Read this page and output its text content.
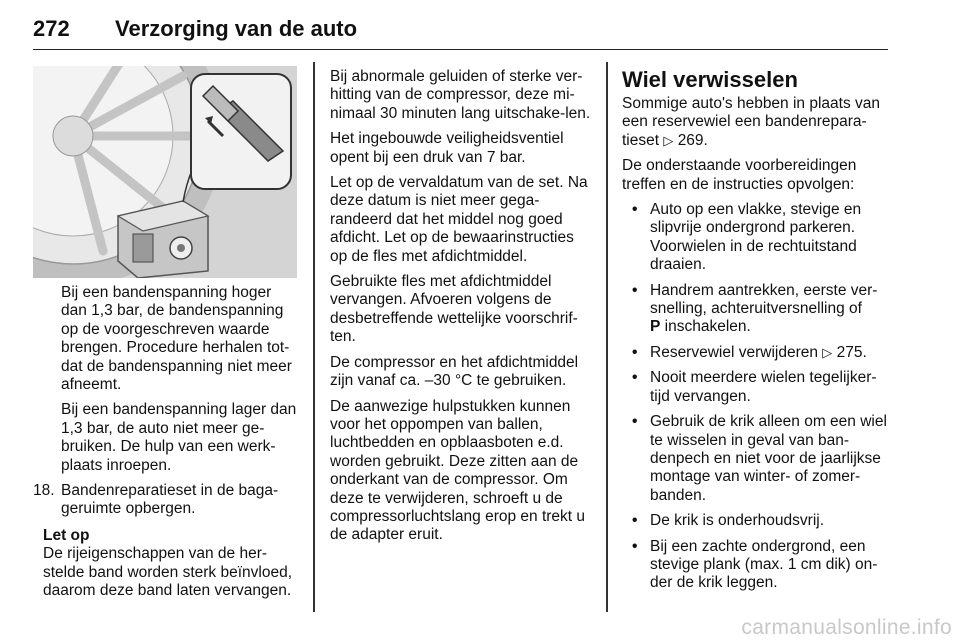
272 Verzorging van de auto
Bij een bandenspanning hoger dan 1,3 bar, de bandenspanning op de voorgeschreven waarde brengen. Procedure herhalen tot-dat de bandenspanning niet meer afneemt.
Bij een bandenspanning lager dan 1,3 bar, de auto niet meer ge-bruiken. De hulp van een werk-plaats inroepen.
18. Bandenreparatieset in de baga-geruimte opbergen.
Let op
De rijeigenschappen van de her-stelde band worden sterk beïnvloed, daarom deze band laten vervangen.
Bij abnormale geluiden of sterke ver-hitting van de compressor, deze mi-nimaal 30 minuten lang uitschake-len.
Het ingebouwde veiligheidsventiel opent bij een druk van 7 bar.
Let op de vervaldatum van de set. Na deze datum is niet meer gega-randeerd dat het middel nog goed afdicht. Let op de bewaarinstructies op de fles met afdichtmiddel.
Gebruikte fles met afdichtmiddel vervangen. Afvoeren volgens de desbetreffende wettelijke voorschrif-ten.
De compressor en het afdichtmiddel zijn vanaf ca. –30 °C te gebruiken.
De aanwezige hulpstukken kunnen voor het oppompen van ballen, luchtbedden en opblaasboten e.d. worden gebruikt. Deze zitten aan de onderkant van de compressor. Om deze te verwijderen, schroeft u de compressorluchtslang erop en trekt u de adapter eruit.
Wiel verwisselen
Sommige auto's hebben in plaats van een reservewiel een bandenrepara-tieset ▷ 269.
De onderstaande voorbereidingen treffen en de instructies opvolgen:
• Auto op een vlakke, stevige en slipvrije ondergrond parkeren. Voorwielen in de rechtuitstand draaien.
• Handrem aantrekken, eerste ver-snelling, achteruitversnelling of
P inschakelen.
• Reservewiel verwijderen ▷ 275.
• Nooit meerdere wielen tegelijker-tijd vervangen.
• Gebruik de krik alleen om een wiel te wisselen in geval van ban-denpech en niet voor de jaarlijkse montage van winter- of zomer-banden.
• De krik is onderhoudsvrij.
• Bij een zachte ondergrond, een stevige plank (max. 1 cm dik) on-der de krik leggen.
carmanualsonline.info
